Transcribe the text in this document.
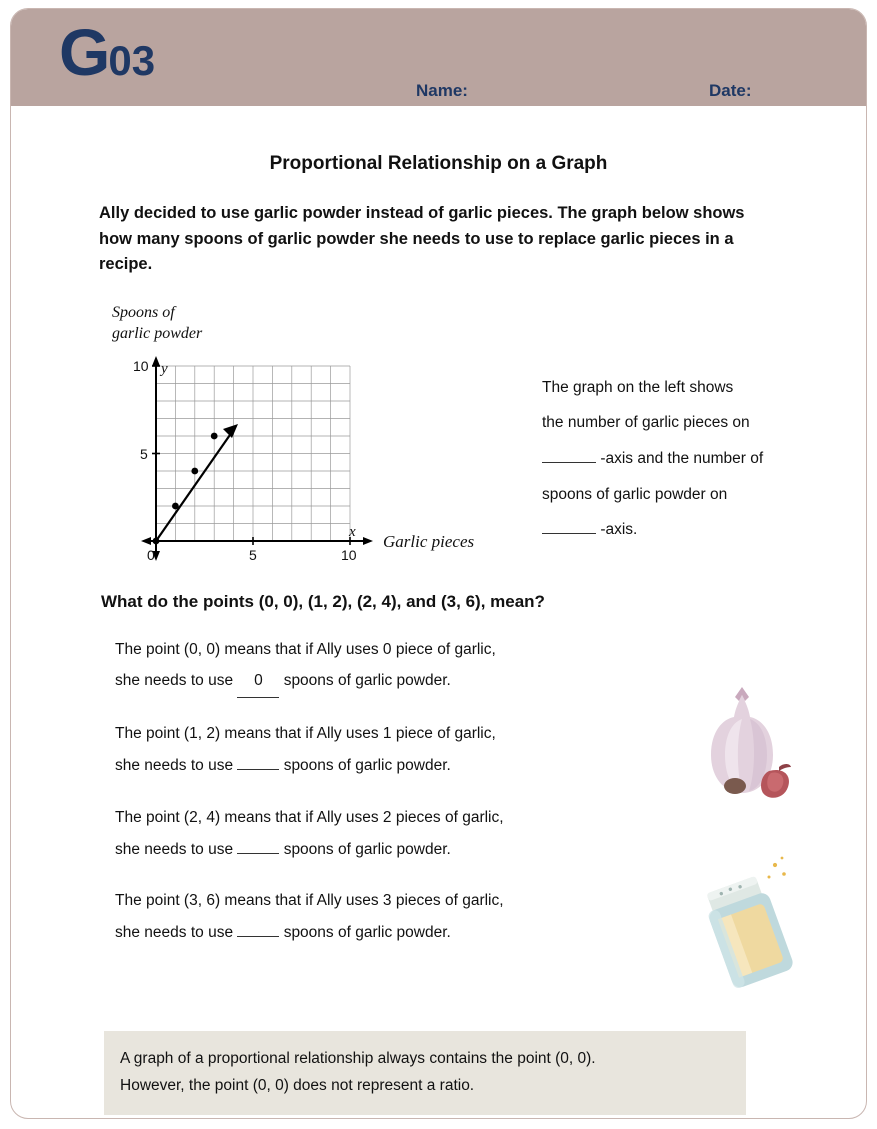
G03
Name:	Date:
Proportional Relationship on a Graph
Ally decided to use garlic powder instead of garlic pieces. The graph below shows how many spoons of garlic powder she needs to use to replace garlic pieces in a recipe.
Spoons of
garlic powder
10
5
0	5	10
x
y
Garlic pieces
The graph on the left shows
the number of garlic pieces on
-axis and the number of
spoons of garlic powder on
-axis.
What do the points (0, 0), (1, 2), (2, 4), and (3, 6), mean?

The point (0, 0) means that if Ally uses 0 piece of garlic,
she needs to use 0 spoons of garlic powder.

The point (1, 2) means that if Ally uses 1 piece of garlic,
she needs to use	spoons of garlic powder.

The point (2, 4) means that if Ally uses 2 pieces of garlic,
she needs to use	spoons of garlic powder.

The point (3, 6) means that if Ally uses 3 pieces of garlic,
she needs to use	spoons of garlic powder.

A graph of a proportional relationship always contains the point (0, 0).
However, the point (0, 0) does not represent a ratio.
